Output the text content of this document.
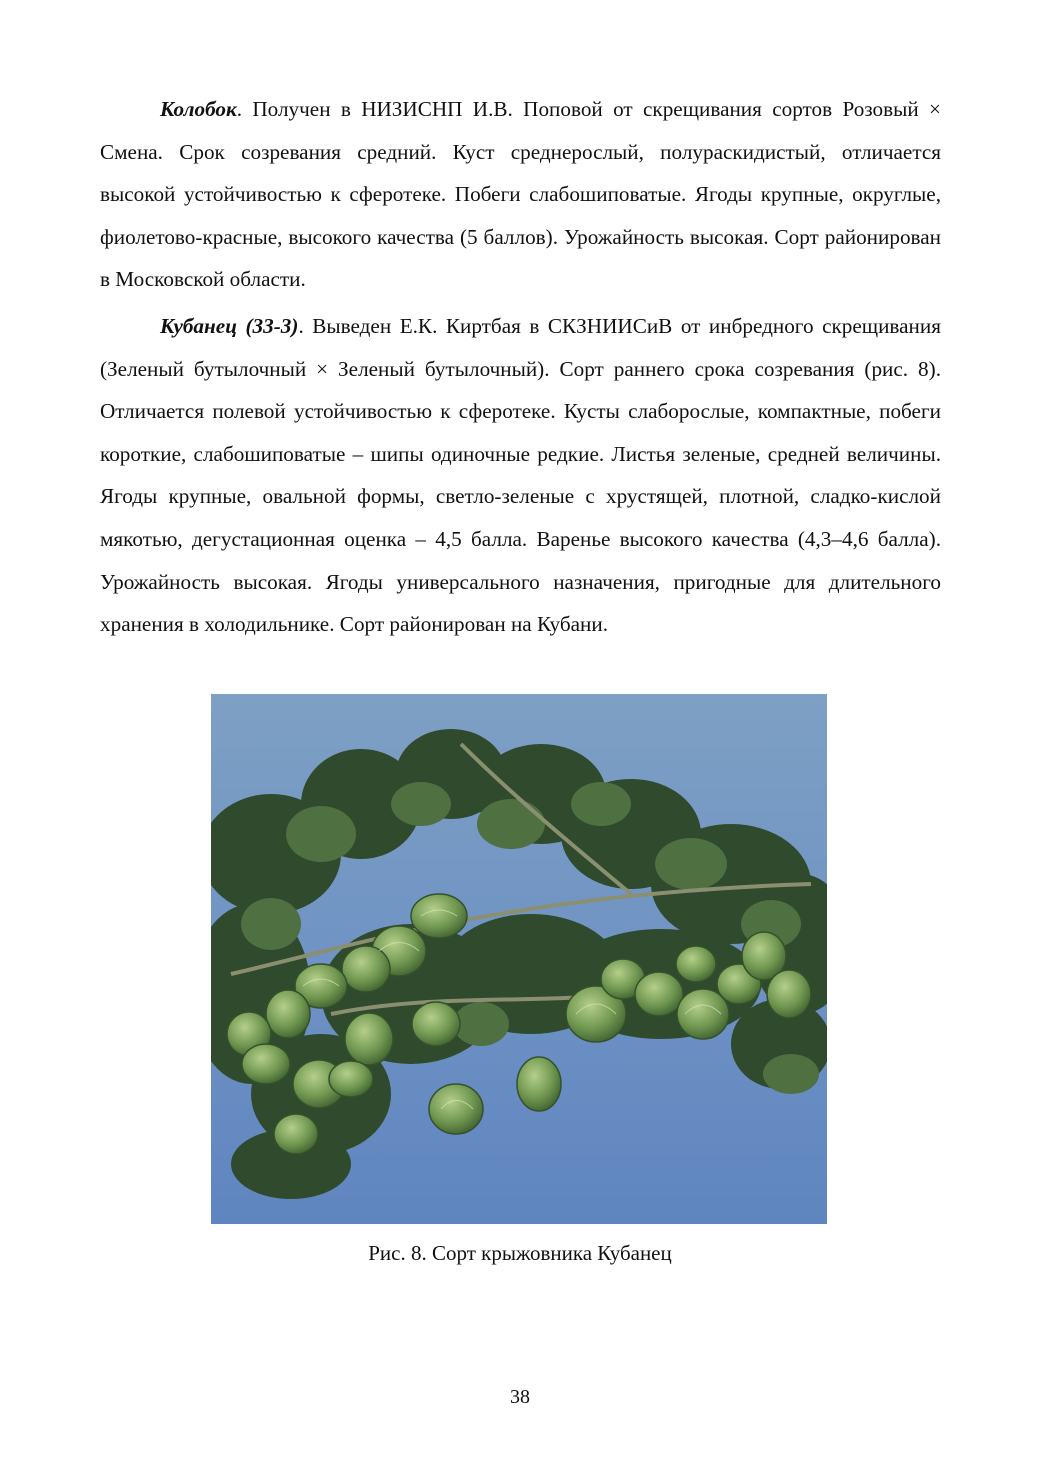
Колобок. Получен в НИЗИСНП И.В. Поповой от скрещивания сортов Розовый × Смена. Срок созревания средний. Куст среднерослый, полураскидистый, отличается высокой устойчивостью к сферотеке. Побеги слабошиповатые. Ягоды крупные, округлые, фиолетово-красные, высокого качества (5 баллов). Урожайность высокая. Сорт районирован в Московской области.

Кубанец (33-3). Выведен Е.К. Киртбая в СКЗНИИСиВ от инбредного скрещивания (Зеленый бутылочный × Зеленый бутылочный). Сорт раннего срока созревания (рис. 8). Отличается полевой устойчивостью к сферотеке. Кусты слаборослые, компактные, побеги короткие, слабошиповатые – шипы одиночные редкие. Листья зеленые, средней величины. Ягоды крупные, овальной формы, светло-зеленые с хрустящей, плотной, сладко-кислой мякотью, дегустационная оценка – 4,5 балла. Варенье высокого качества (4,3–4,6 балла). Урожайность высокая. Ягоды универсального назначения, пригодные для длительного хранения в холодильнике. Сорт районирован на Кубани.

Рис. 8. Сорт крыжовника Кубанец
38
